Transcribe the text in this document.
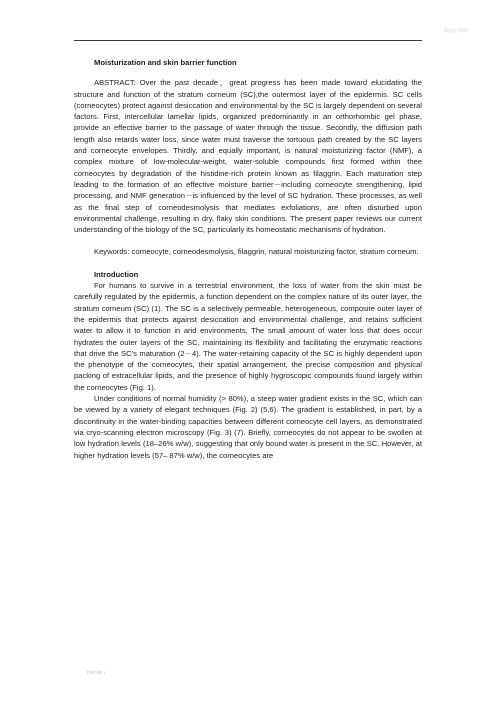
精品学习资料

Moisturization and skin barrier function

ABSTRACT: Over the past decade，great progress has been made toward elucidating the structure and function of the stratum corneum (SC),the outermost layer of the epidermis. SC cells (corneocytes) protect against desiccation and environmental by the SC is largely dependent on several factors. First, intercellular lamellar lipids, organized predominantly in an orthorhombic gel phase, provide an effective barrier to the passage of water through the tissue. Secondly, the diffusion path length also retards water loss, since water must traverse the tortuous path created by the SC layers and corneocyte envelopes. Thirdly, and equally important, is natural moisturizing factor (NMF), a complex mixture of low-molecular-weight, water-soluble compounds first formed within thee corneocytes by degradation of the histidine-rich protein known as filaggrin. Each maturation step leading to the formation of an effective moisture barrier－including corneocyte strengthening, lipid processing, and NMF generation－is influenced by the level of SC hydration. These processes, as well as the final step of corneodesmolysis that mediates exfoliations, are often disturbed upon environmental challenge, resulting in dry, flaky skin conditions. The present paper reviews our current understanding of the biology of the SC, particularly its homeostatic mechanisms of hydration.

Keywords: corneocyte, corneodesmolysis, filaggrin, natural moisturizing factor, stratum corneum.

Introduction

For humans to survive in a terrestrial environment, the loss of water from the skin must be carefully regulated by the epidermis, a function dependent on the complex nature of its outer layer, the stratum corneum (SC) (1). The SC is a selectively permeable, heterogeneous, composite outer layer of the epidermis that protects against desiccation and environmental challenge, and retains sufficient water to allow it to function in arid environments. The small amount of water loss that does occur hydrates the outer layers of the SC, maintaining its flexibility and facilitating the enzymatic reactions that drive the SC’s maturation (2－4). The water-retaining capacity of the SC is highly dependent upon the phenotype of the corneocytes, their spatial arrangement, the precise composition and physical packing of extracellular lipids, and the presence of highly hygroscopic compounds found largely within the corneocytes (Fig. 1).

Under conditions of normal humidity (> 80%), a steep water gradient exists in the SC, which can be viewed by a variety of elegant techniques (Fig. 2) (5,6). The gradient is established, in part, by a discontinuity in the water-binding capacities between different corneocyte cell layers, as demonstrated via cryo-scanning electron microscopy (Fig. 3) (7). Briefly, corneocytes do not appear to be swollen at low hydration levels (18–26% w/w), suggesting that only bound water is present in the SC. However, at higher hydration levels (57– 87% w/w), the corneocytes are

名师归纳 1
